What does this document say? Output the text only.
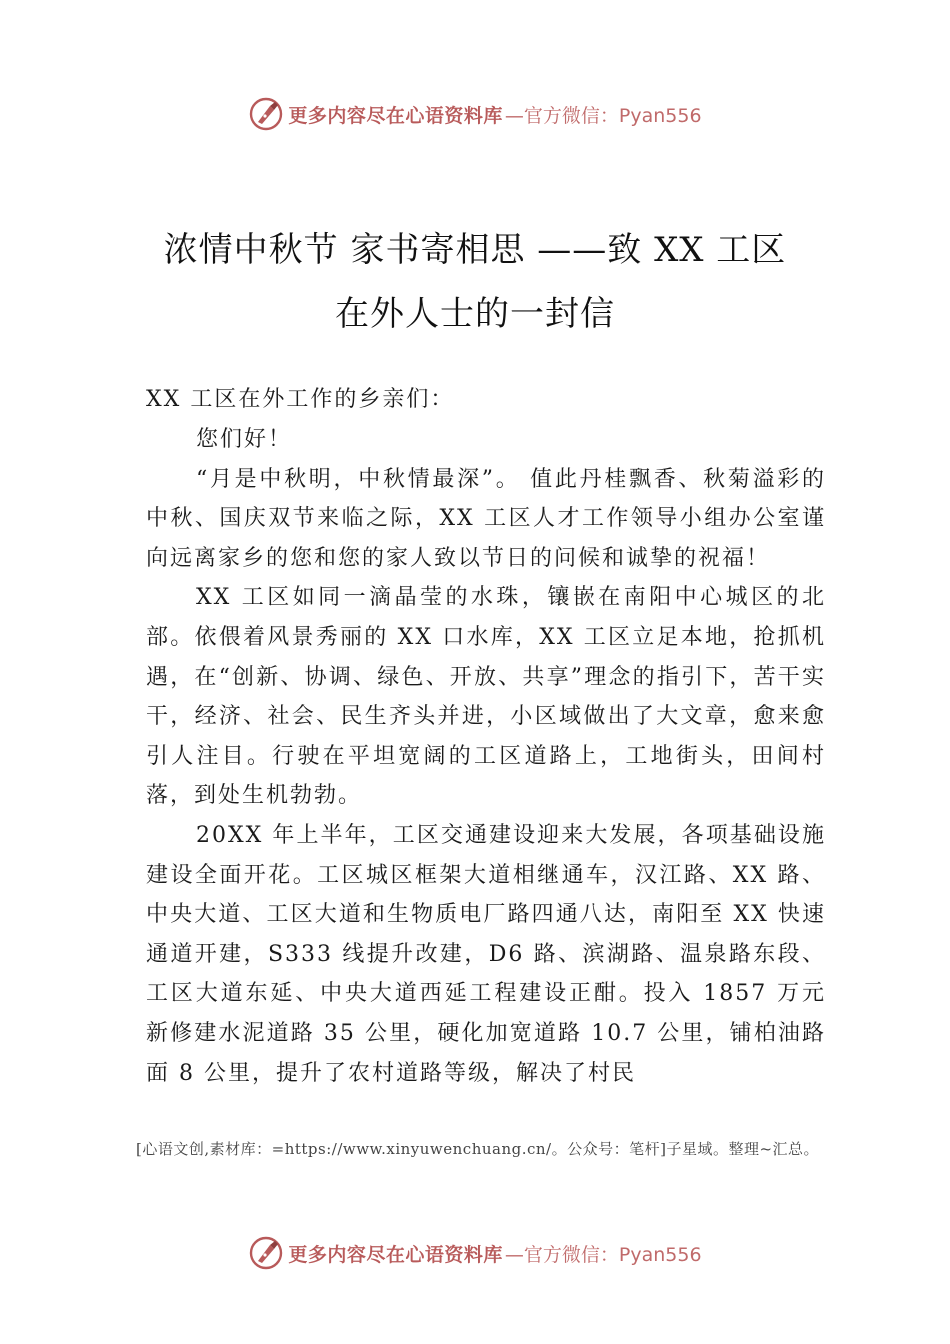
更多内容尽在心语资料库 —官方微信：Pyan556
浓情中秋节 家书寄相思 ——致 XX 工区
在外人士的一封信
XX 工区在外工作的乡亲们：

您们好！

“月是中秋明，中秋情最深”。 值此丹桂飘香、秋菊溢彩的中秋、国庆双节来临之际，XX 工区人才工作领导小组办公室谨向远离家乡的您和您的家人致以节日的问候和诚挚的祝福！

XX 工区如同一滴晶莹的水珠，镶嵌在南阳中心城区的北部。依偎着风景秀丽的 XX 口水库，XX 工区立足本地，抢抓机遇，在“创新、协调、绿色、开放、共享”理念的指引下，苦干实干，经济、社会、民生齐头并进，小区域做出了大文章，愈来愈引人注目。行驶在平坦宽阔的工区道路上，工地街头，田间村落，到处生机勃勃。

20XX 年上半年，工区交通建设迎来大发展，各项基础设施建设全面开花。工区城区框架大道相继通车，汉江路、XX 路、中央大道、工区大道和生物质电厂路四通八达，南阳至 XX 快速通道开建，S333 线提升改建，D6 路、滨湖路、温泉路东段、工区大道东延、中央大道西延工程建设正酣。投入 1857 万元新修建水泥道路 35 公里，硬化加宽道路 10.7 公里，铺柏油路面 8 公里，提升了农村道路等级，解决了村民

[心语文创,素材库：=https://www.xinyuwenchuang.cn/。公众号：笔杆]子星域。整理~汇总。
更多内容尽在心语资料库 —官方微信：Pyan556
